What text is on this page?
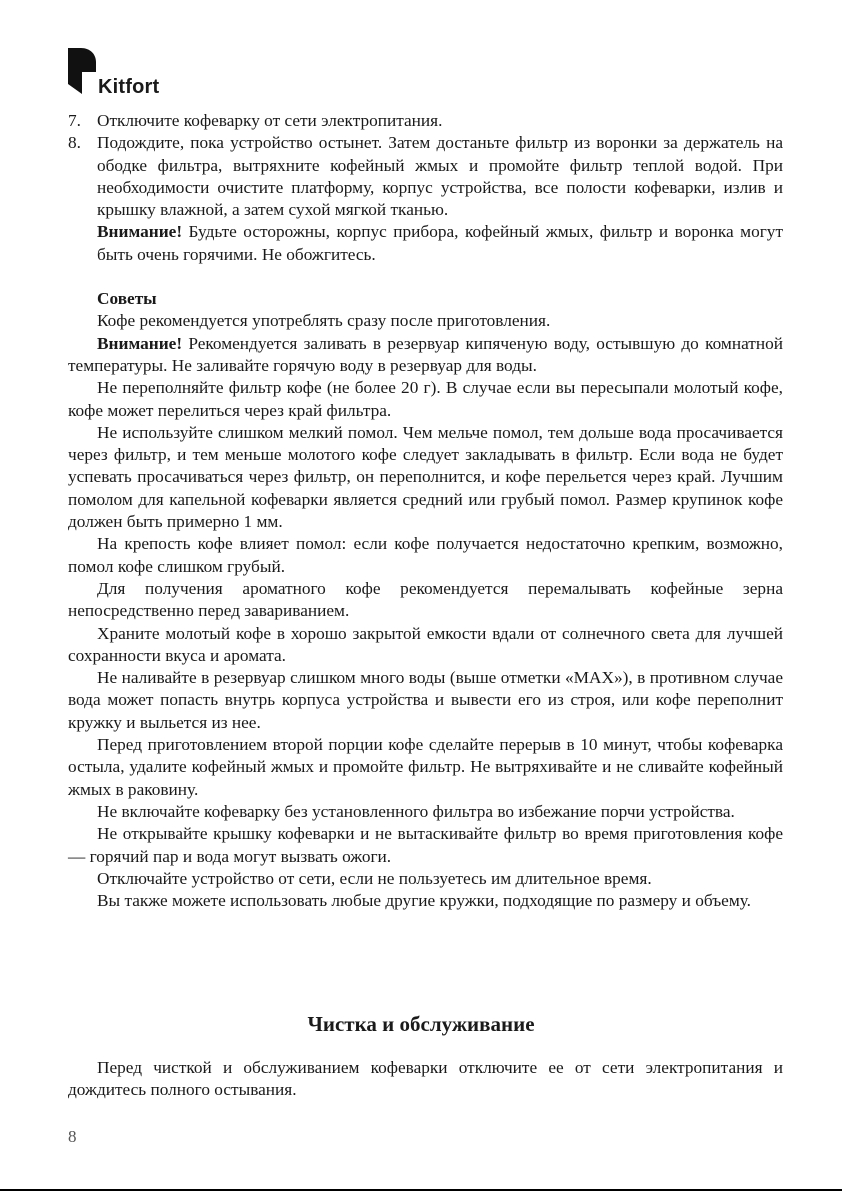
Kitfort
7. Отключите кофеварку от сети электропитания.
8. Подождите, пока устройство остынет. Затем достаньте фильтр из воронки за держатель на ободке фильтра, вытряхните кофейный жмых и промойте фильтр теплой водой. При необходимости очистите платформу, корпус устройства, все полости кофеварки, излив и крышку влажной, а затем сухой мягкой тканью.

Внимание! Будьте осторожны, корпус прибора, кофейный жмых, фильтр и воронка могут быть очень горячими. Не обожгитесь.

Советы

Кофе рекомендуется употреблять сразу после приготовления.

Внимание! Рекомендуется заливать в резервуар кипяченую воду, остывшую до комнатной температуры. Не заливайте горячую воду в резервуар для воды.

Не переполняйте фильтр кофе (не более 20 г). В случае если вы пересыпали молотый кофе, кофе может перелиться через край фильтра.

Не используйте слишком мелкий помол. Чем мельче помол, тем дольше вода просачивается через фильтр, и тем меньше молотого кофе следует закладывать в фильтр. Если вода не будет успевать просачиваться через фильтр, он переполнится, и кофе перельется через край. Лучшим помолом для капельной кофеварки является средний или грубый помол. Размер крупинок кофе должен быть примерно 1 мм.

На крепость кофе влияет помол: если кофе получается недостаточно крепким, возможно, помол кофе слишком грубый.

Для получения ароматного кофе рекомендуется перемалывать кофейные зерна непосредственно перед завариванием.

Храните молотый кофе в хорошо закрытой емкости вдали от солнечного света для лучшей сохранности вкуса и аромата.

Не наливайте в резервуар слишком много воды (выше отметки «MAX»), в противном случае вода может попасть внутрь корпуса устройства и вывести его из строя, или кофе переполнит кружку и выльется из нее.

Перед приготовлением второй порции кофе сделайте перерыв в 10 минут, чтобы кофеварка остыла, удалите кофейный жмых и промойте фильтр. Не вытряхивайте и не сливайте кофейный жмых в раковину.

Не включайте кофеварку без установленного фильтра во избежание порчи устройства.

Не открывайте крышку кофеварки и не вытаскивайте фильтр во время приготовления кофе — горячий пар и вода могут вызвать ожоги.

Отключайте устройство от сети, если не пользуетесь им длительное время.

Вы также можете использовать любые другие кружки, подходящие по размеру и объему.

Чистка и обслуживание

Перед чисткой и обслуживанием кофеварки отключите ее от сети электропитания и дождитесь полного остывания.

8
